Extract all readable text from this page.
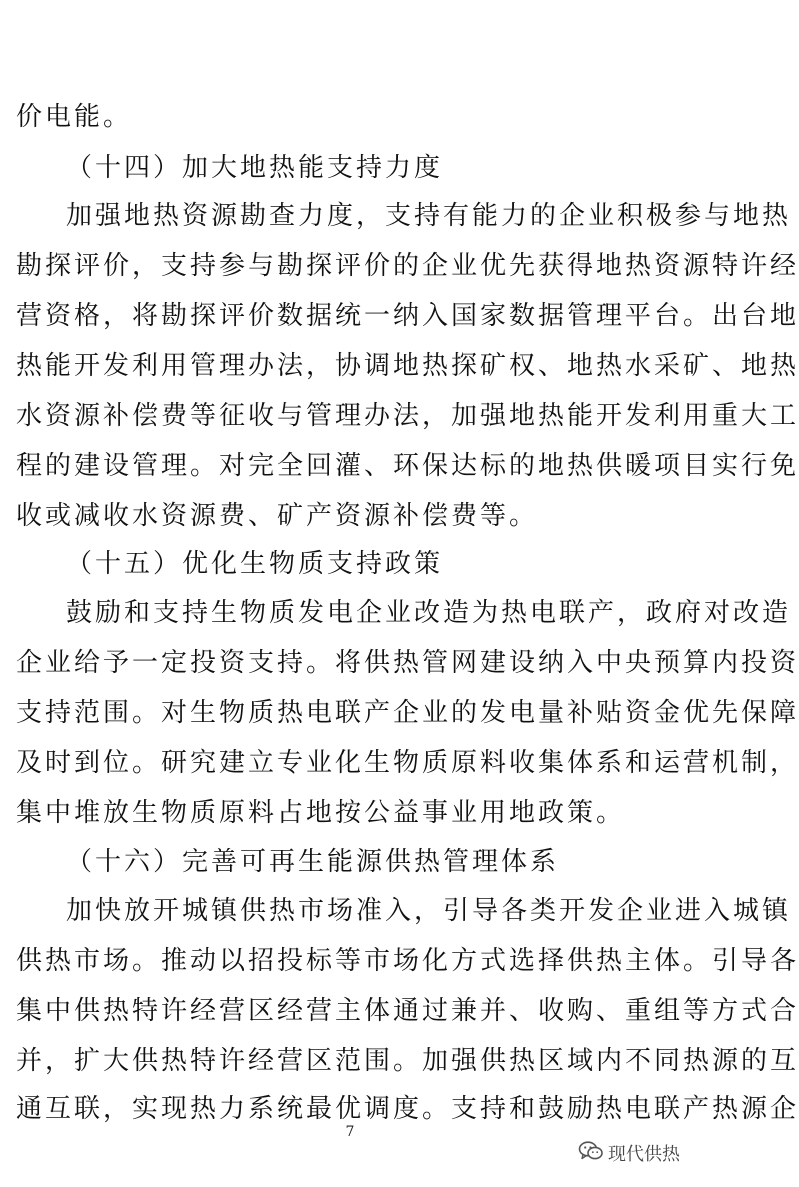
价电能。
（十四）加大地热能支持力度
加强地热资源勘查力度，支持有能力的企业积极参与地热
勘探评价，支持参与勘探评价的企业优先获得地热资源特许经
营资格，将勘探评价数据统一纳入国家数据管理平台。出台地
热能开发利用管理办法，协调地热探矿权、地热水采矿、地热
水资源补偿费等征收与管理办法，加强地热能开发利用重大工
程的建设管理。对完全回灌、环保达标的地热供暖项目实行免
收或减收水资源费、矿产资源补偿费等。
（十五）优化生物质支持政策
鼓励和支持生物质发电企业改造为热电联产，政府对改造
企业给予一定投资支持。将供热管网建设纳入中央预算内投资
支持范围。对生物质热电联产企业的发电量补贴资金优先保障
及时到位。研究建立专业化生物质原料收集体系和运营机制，
集中堆放生物质原料占地按公益事业用地政策。
（十六）完善可再生能源供热管理体系
加快放开城镇供热市场准入，引导各类开发企业进入城镇
供热市场。推动以招投标等市场化方式选择供热主体。引导各
集中供热特许经营区经营主体通过兼并、收购、重组等方式合
并，扩大供热特许经营区范围。加强供热区域内不同热源的互
通互联，实现热力系统最优调度。支持和鼓励热电联产热源企
7
现代供热
